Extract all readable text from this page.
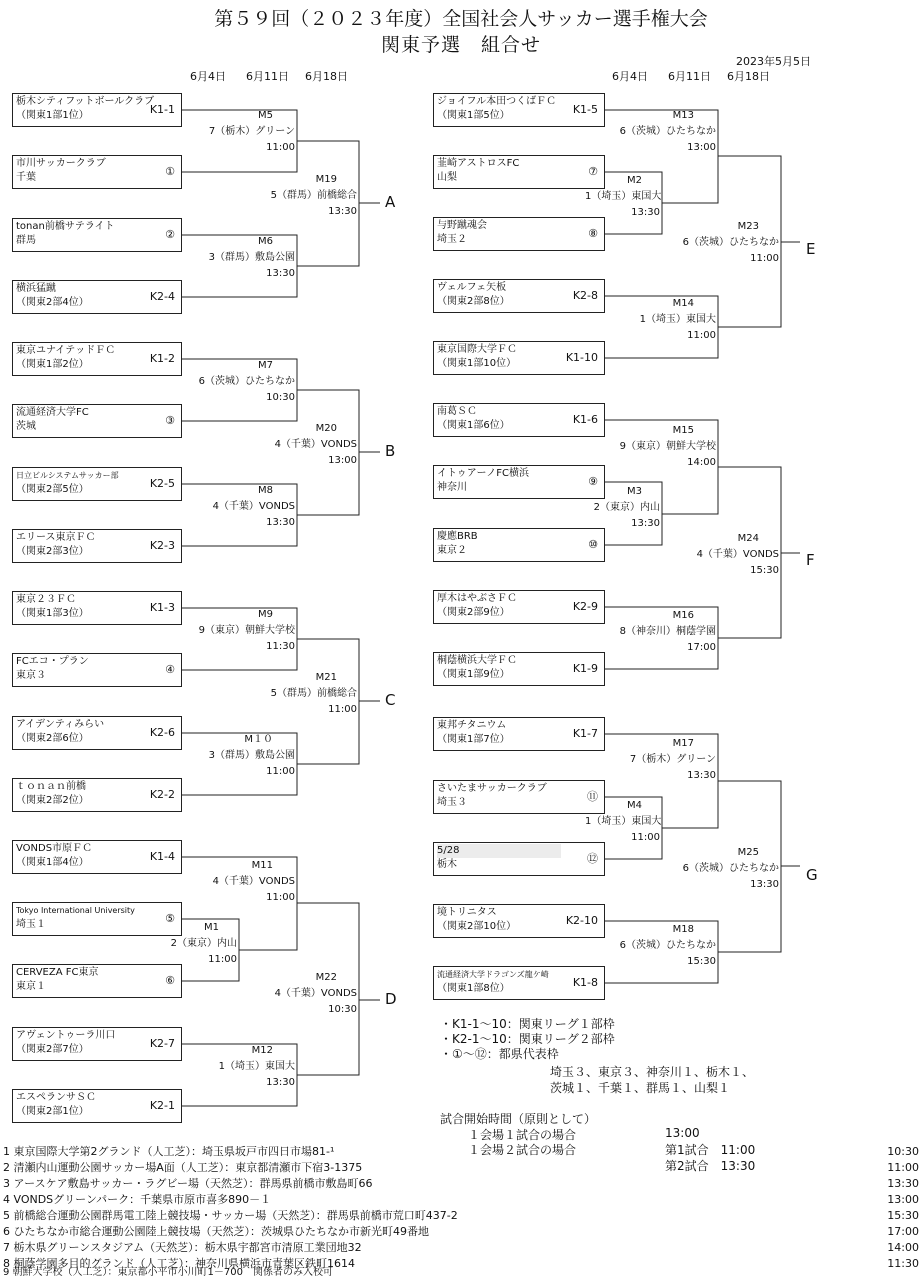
第５９回（２０２３年度）全国社会人サッカー選手権大会
関東予選　組合せ
2023年5月5日
6月4日 6月11日 6月18日	6月4日 6月11日 6月18日
栃木シティフットボールクラブ
（関東1部1位）	K1-1
市川サッカークラブ
千葉	①
tonan前橋サテライト
群馬	②
横浜猛蹴
（関東2部4位）	K2-4
東京ユナイテッドＦＣ
（関東1部2位）	K1-2
流通経済大学FC
茨城	③
日立ビルシステムサッカー部
（関東2部5位）	K2-5
エリース東京ＦＣ
（関東2部3位）	K2-3
東京２３ＦＣ
（関東1部3位）	K1-3
FCエコ・プラン
東京３	④
アイデンティみらい
（関東2部6位）	K2-6
ｔｏｎａｎ前橋
（関東2部2位）	K2-2
VONDS市原ＦＣ
（関東1部4位）	K1-4
Tokyo International University
埼玉１	⑤
CERVEZA FC東京
東京１	⑥
アヴェントゥーラ川口
（関東2部7位）	K2-7
エスペランサＳＣ
（関東2部1位）	K2-1
ジョイフル本田つくばＦＣ
（関東1部5位）	K1-5
韮崎アストロスFC
山梨	⑦
与野蹴魂会
埼玉２	⑧
ヴェルフェ矢板
（関東2部8位）	K2-8
東京国際大学ＦＣ
（関東1部10位）	K1-10
南葛ＳＣ
（関東1部6位）	K1-6
イトゥアーノFC横浜
神奈川	⑨
慶應BRB
東京２	⑩
厚木はやぶさＦＣ
（関東2部9位）	K2-9
桐蔭横浜大学ＦＣ
（関東1部9位）	K1-9
東邦チタニウム
（関東1部7位）	K1-7
さいたまサッカークラブ
埼玉３	⑪
5/28
栃木	⑫
境トリニタス
（関東2部10位）	K2-10
流通経済大学ドラゴンズ龍ケ崎
（関東1部8位）	K1-8
M5
7（栃木）グリーン
11:00
M6
3（群馬）敷島公園
13:30
M19
5（群馬）前橋総合
13:30
M7
6（茨城）ひたちなか
10:30
M8
4（千葉）VONDS
13:30
M20
4（千葉）VONDS
13:00
M9
9（東京）朝鮮大学校
11:30
M１０
3（群馬）敷島公園
11:00
M21
5（群馬）前橋総合
11:00
M11
4（千葉）VONDS
11:00
M1
2（東京）内山
11:00
M12
1（埼玉）東国大
13:30
M22
4（千葉）VONDS
10:30
M13
6（茨城）ひたちなか
13:00
M2
1（埼玉）東国大
13:30
M14
1（埼玉）東国大
11:00
M23
6（茨城）ひたちなか
11:00
M15
9（東京）朝鮮大学校
14:00
M3
2（東京）内山
13:30
M16
8（神奈川）桐蔭学園
17:00
M24
4（千葉）VONDS
15:30
M17
7（栃木）グリーン
13:30
M4
1（埼玉）東国大
11:00
M18
6（茨城）ひたちなか
15:30
M25
6（茨城）ひたちなか
13:30
A
B
C
D
E
F
G
・K1-1～10：関東リーグ１部枠
・K2-1～10：関東リーグ２部枠
・①～⑫：都県代表枠
埼玉３、東京３、神奈川１、栃木１、
茨城１、千葉１、群馬１、山梨１
試合開始時間（原則として）
１会場１試合の場合	13:00
１会場２試合の場合	第1試合　11:00
第2試合　13:30
1 東京国際大学第2グランド（人工芝）：埼玉県坂戸市四日市場81-¹	10:30
2 清瀬内山運動公園サッカー場A面（人工芝）：東京都清瀬市下宿3-1375	11:00
3 アースケア敷島サッカー・ラグビー場（天然芝）：群馬県前橋市敷島町66	13:30
4 VONDSグリーンパーク：千葉県市原市喜多890－１	13:00
5 前橋総合運動公園群馬電工陸上競技場・サッカー場（天然芝）：群馬県前橋市荒口町437-2	15:30
6 ひたちなか市総合運動公園陸上競技場（天然芝）：茨城県ひたちなか市新光町49番地	17:00
7 栃木県グリーンスタジアム（天然芝）：栃木県宇都宮市清原工業団地32	14:00
8 桐蔭学園多目的グランド（人工芝）：神奈川県横浜市青葉区鉄町1614	11:30
9 朝鮮大学校（人工芝）：東京都小平市小川町1－700　関係者のみ入校可
